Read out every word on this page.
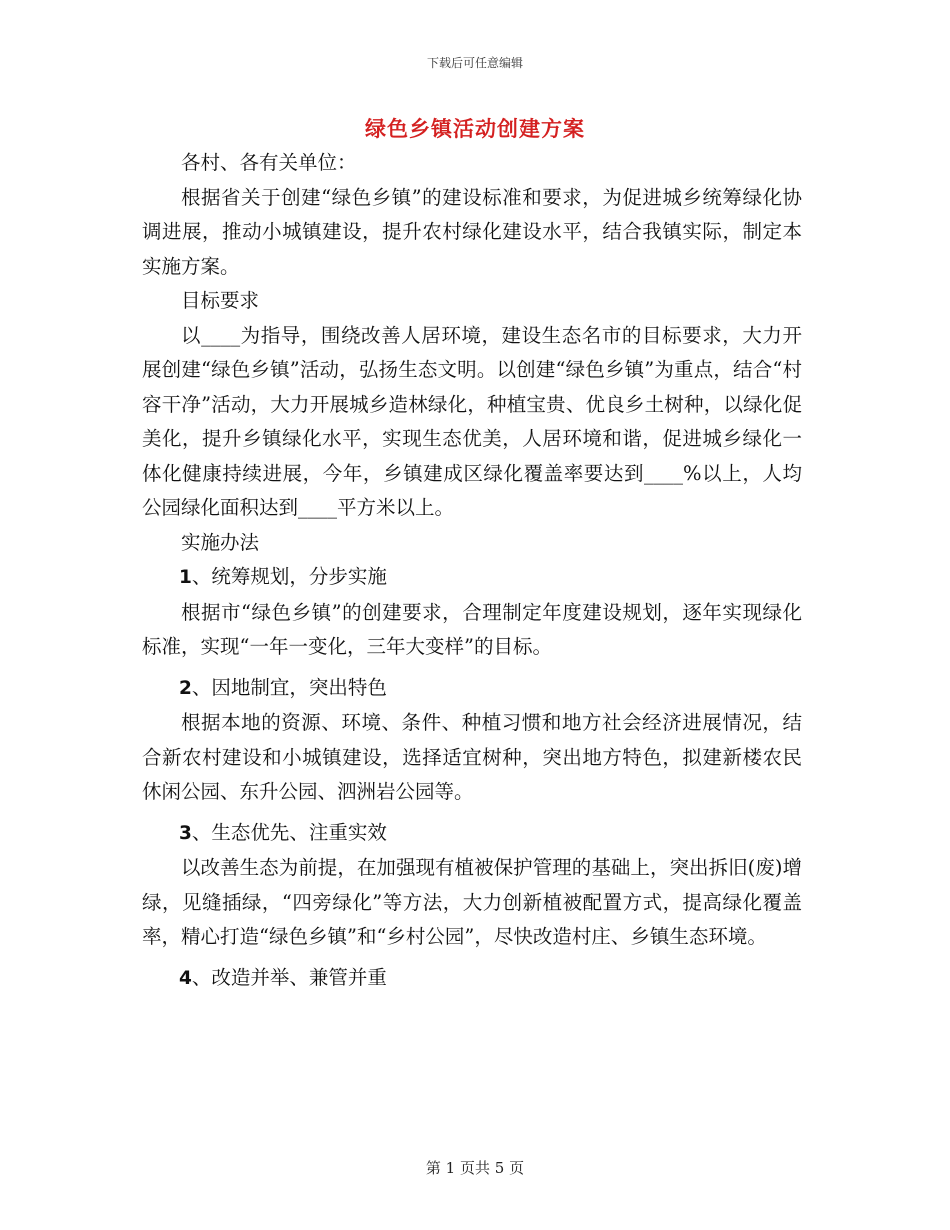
下载后可任意编辑
绿色乡镇活动创建方案

各村、各有关单位：

根据省关于创建“绿色乡镇”的建设标准和要求，为促进城乡统筹绿化协调进展，推动小城镇建设，提升农村绿化建设水平，结合我镇实际，制定本实施方案。

目标要求

以____为指导，围绕改善人居环境，建设生态名市的目标要求，大力开展创建“绿色乡镇”活动，弘扬生态文明。以创建“绿色乡镇”为重点，结合“村容干净”活动，大力开展城乡造林绿化，种植宝贵、优良乡土树种，以绿化促美化，提升乡镇绿化水平，实现生态优美，人居环境和谐，促进城乡绿化一体化健康持续进展，今年，乡镇建成区绿化覆盖率要达到____%以上，人均公园绿化面积达到____平方米以上。

实施办法

1、统筹规划，分步实施

根据市“绿色乡镇”的创建要求，合理制定年度建设规划，逐年实现绿化标准，实现“一年一变化，三年大变样”的目标。

2、因地制宜，突出特色

根据本地的资源、环境、条件、种植习惯和地方社会经济进展情况，结合新农村建设和小城镇建设，选择适宜树种，突出地方特色，拟建新楼农民休闲公园、东升公园、泗洲岩公园等。

3、生态优先、注重实效

以改善生态为前提，在加强现有植被保护管理的基础上，突出拆旧(废)增绿，见缝插绿，“四旁绿化”等方法，大力创新植被配置方式，提高绿化覆盖率，精心打造“绿色乡镇”和“乡村公园”，尽快改造村庄、乡镇生态环境。

4、改造并举、兼管并重

第 1 页共 5 页
